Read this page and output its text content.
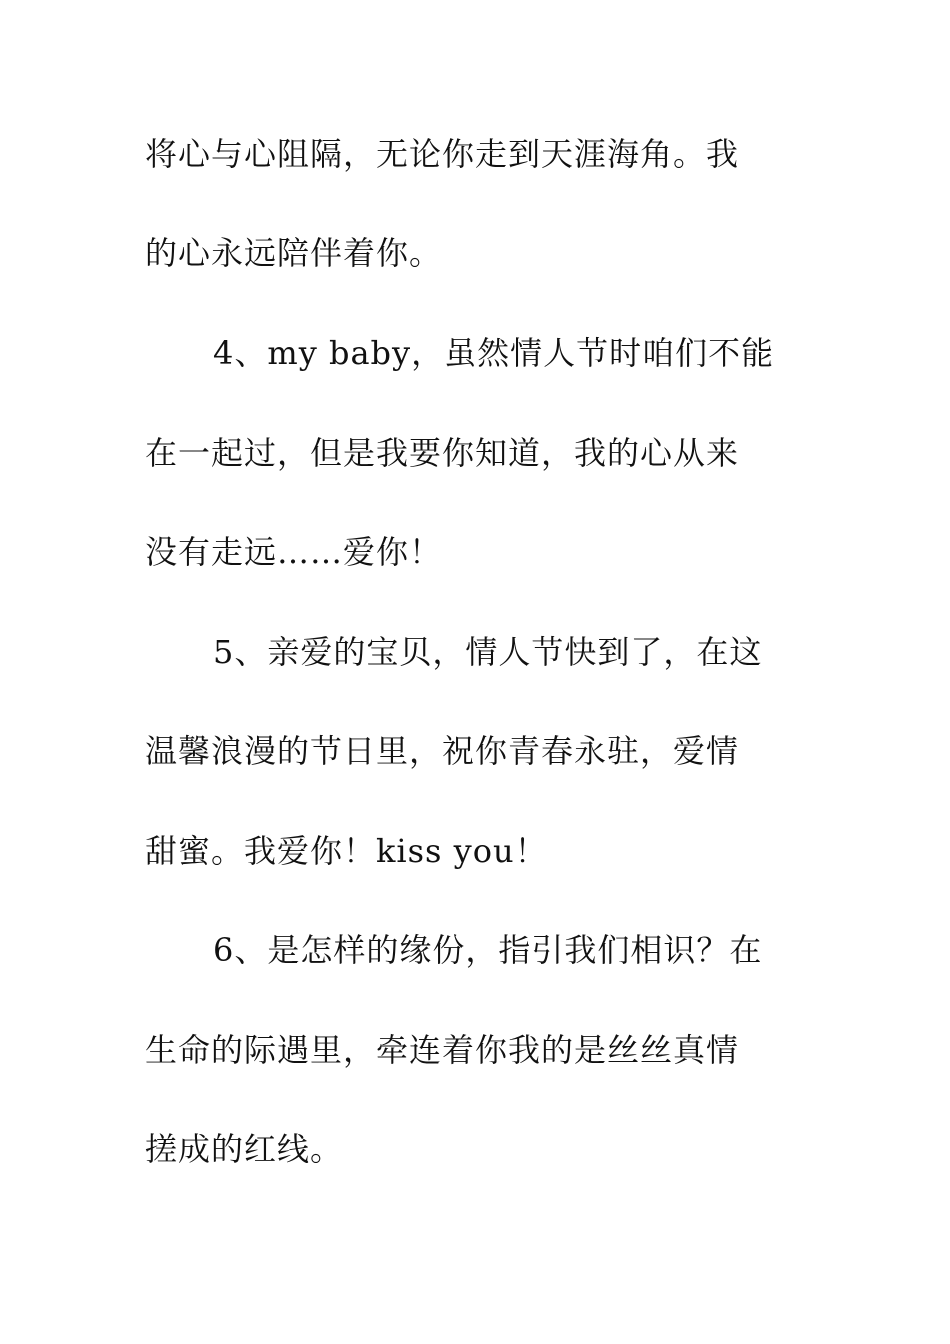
将心与心阻隔，无论你走到天涯海角。我

的心永远陪伴着你。

4、my baby，虽然情人节时咱们不能

在一起过，但是我要你知道，我的心从来

没有走远……爱你！

5、亲爱的宝贝，情人节快到了，在这

温馨浪漫的节日里，祝你青春永驻，爱情

甜蜜。我爱你！kiss you！

6、是怎样的缘份，指引我们相识？在

生命的际遇里，牵连着你我的是丝丝真情

搓成的红线。
